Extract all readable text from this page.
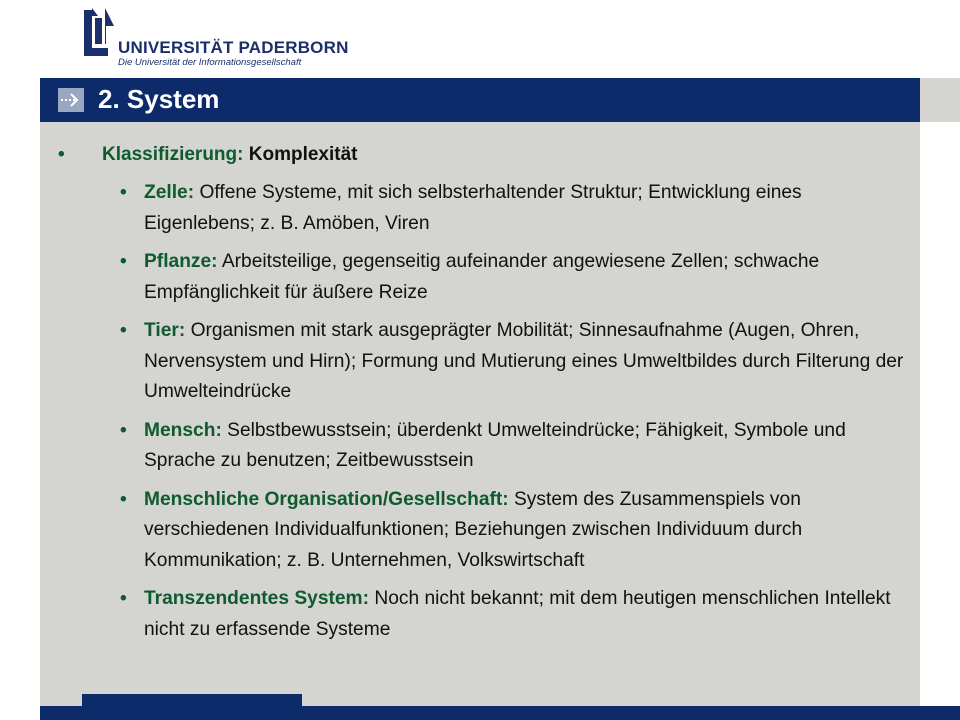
UNIVERSITÄT PADERBORN
Die Universität der Informationsgesellschaft
2. System
• Klassifizierung: Komplexität
• Zelle: Offene Systeme, mit sich selbsterhaltender Struktur; Entwicklung eines Eigenlebens; z. B. Amöben, Viren
• Pflanze: Arbeitsteilige, gegenseitig aufeinander angewiesene Zellen; schwache Empfänglichkeit für äußere Reize
• Tier: Organismen mit stark ausgeprägter Mobilität; Sinnesaufnahme (Augen, Ohren, Nervensystem und Hirn); Formung und Mutierung eines Umweltbildes durch Filterung der Umwelteindrücke
• Mensch: Selbstbewusstsein; überdenkt Umwelteindrücke; Fähigkeit, Symbole und Sprache zu benutzen; Zeitbewusstsein
• Menschliche Organisation/Gesellschaft: System des Zusammenspiels von verschiedenen Individualfunktionen; Beziehungen zwischen Individuum durch Kommunikation; z. B. Unternehmen, Volkswirtschaft
• Transzendentes System: Noch nicht bekannt; mit dem heutigen menschlichen Intellekt nicht zu erfassende Systeme
